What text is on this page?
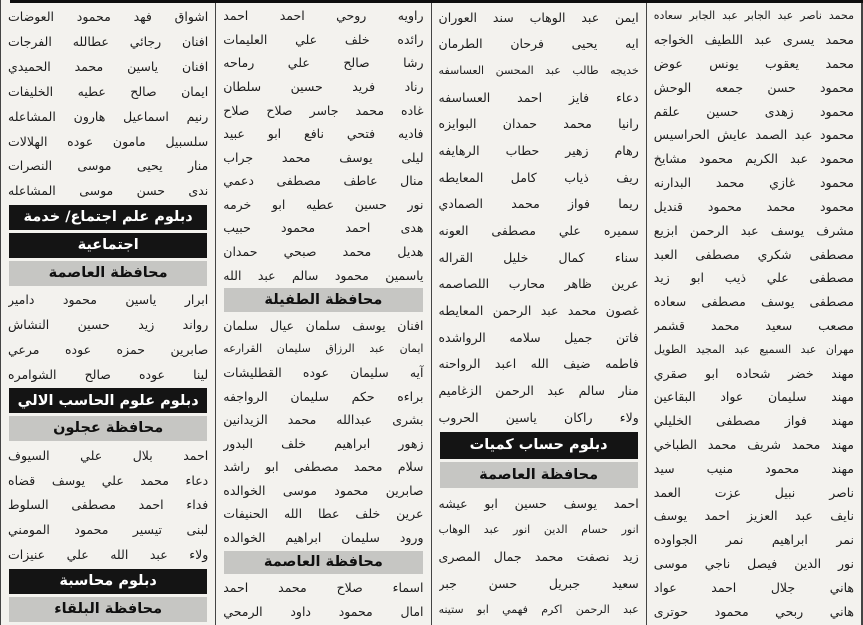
اشواق
فهد
محمود
العوضات
افنان
رجائي
عطالله
الفرجات
افنان
ياسين
محمد
الحميدي
ايمان
صالح
عطيه
الخليفات
رنيم
اسماعيل
هارون
المشاعله
سلسبيل
مامون
عوده
الهلالات
منار
يحيى
موسى
النصرات
ندى
حسن
موسى
المشاعله
دبلوم علم اجتماع/ خدمة
اجتماعية
محافظة العاصمة
ابرار
ياسين
محمود
دامير
رواند
زيد
حسين
النشاش
صابرين
حمزه
عوده
مرعي
لينا
عوده
صالح
الشوامره
دبلوم علوم الحاسب الالي
محافظة عجلون
احمد
بلال
علي
السيوف
دعاء
محمد
علي
يوسف
قضاه
فداء
احمد
مصطفى
السلوط
لبنى
تيسير
محمود
المومني
ولاء
عبد
الله
علي
عنيزات
دبلوم محاسبة
محافظة البلقاء
راويه
روحي
احمد
احمد
رائده
خلف
علي
العليمات
رشا
صالح
علي
رماحه
رناد
فريد
حسين
سلطان
غاده
محمد
جاسر
صلاح
صلاح
فاديه
فتحي
نافع
ابو
عبيد
ليلى
يوسف
محمد
جراب
منال
عاطف
مصطفى
دعمي
نور
حسين
عطيه
ابو
خرمه
هدى
احمد
محمود
حبيب
هديل
محمد
صبحي
حمدان
ياسمين
محمود
سالم
عبد
الله
محافظة الطفيلة
افنان
يوسف
سلمان
عيال
سلمان
ايمان
عبد
الرزاق
سليمان
القرارعه
آيه
سليمان
عوده
القطليشات
براءه
حكم
سليمان
الرواجفه
بشرى
عبدالله
محمد
الزيدانين
زهور
ابراهيم
خلف
البدور
سلام
محمد
مصطفى
ابو
راشد
صابرين
محمود
موسى
الخوالده
عرين
خلف
عطا
الله
الحنيفات
ورود
سليمان
ابراهيم
الخوالده
محافظة العاصمة
اسماء
صلاح
محمد
احمد
امال
محمود
داود
الرمحي
ايمن
عبد
الوهاب
سند
العوران
ايه
يحيى
فرحان
الطرمان
خديجه
طالب
عبد
المحسن
العساسفه
دعاء
فايز
احمد
العساسفه
رانيا
محمد
حمدان
البوايزه
رهام
زهير
حطاب
الرهايفه
ريف
ذياب
كامل
المعايطه
ريما
فواز
محمد
الصمادي
سميره
علي
مصطفى
العونه
سناء
كمال
خليل
القراله
عرين
ظاهر
محارب
اللصاصمه
غصون
محمد
عبد
الرحمن
المعايطه
فاتن
جميل
سلامه
الرواشده
فاطمه
ضيف
الله
اعبد
الرواحنه
منار
سالم
عبد
الرحمن
الزغاميم
ولاء
راكان
ياسين
الحروب
دبلوم حساب كميات
محافظة العاصمة
احمد
يوسف
حسين
ابو
عيشه
انور
حسام
الدين
انور
عبد
الوهاب
زيد
نصفت
محمد
جمال
المصرى
سعيد
جبريل
حسن
جبر
عبد
الرحمن
اكرم
فهمي
ابو
ستينه
محمد
ناصر
عبد
الجابر
عبد
الجابر
سعاده
محمد
يسرى
عبد
اللطيف
الخواجه
محمد
يعقوب
يونس
عوض
محمود
حسن
جمعه
الوحش
محمود
زهدى
حسين
علقم
محمود
عبد
الصمد
عايش
الحراسيس
محمود
عبد
الكريم
محمود
مشايخ
محمود
غازي
محمد
البدارنه
محمود
محمد
محمود
قنديل
مشرف
يوسف
عبد
الرحمن
ابزيع
مصطفى
شكري
مصطفى
العبد
مصطفى
علي
ذيب
ابو
زيد
مصطفى
يوسف
مصطفى
سعاده
مصعب
سعيد
محمد
قشمر
مهران
عبد
السميع
عبد
المجيد
الطويل
مهند
خضر
شحاده
ابو
صقري
مهند
سليمان
عواد
البقاعين
مهند
فواز
مصطفى
الخليلي
مهند
محمد
شريف
محمد
الطباخي
مهند
محمود
منيب
سيد
ناصر
نبيل
عزت
العمد
نايف
عبد
العزيز
احمد
يوسف
نمر
ابراهيم
نمر
الجواوده
نور
الدين
فيصل
ناجي
موسى
هاني
جلال
احمد
عواد
هاني
ربحي
محمود
حوترى
